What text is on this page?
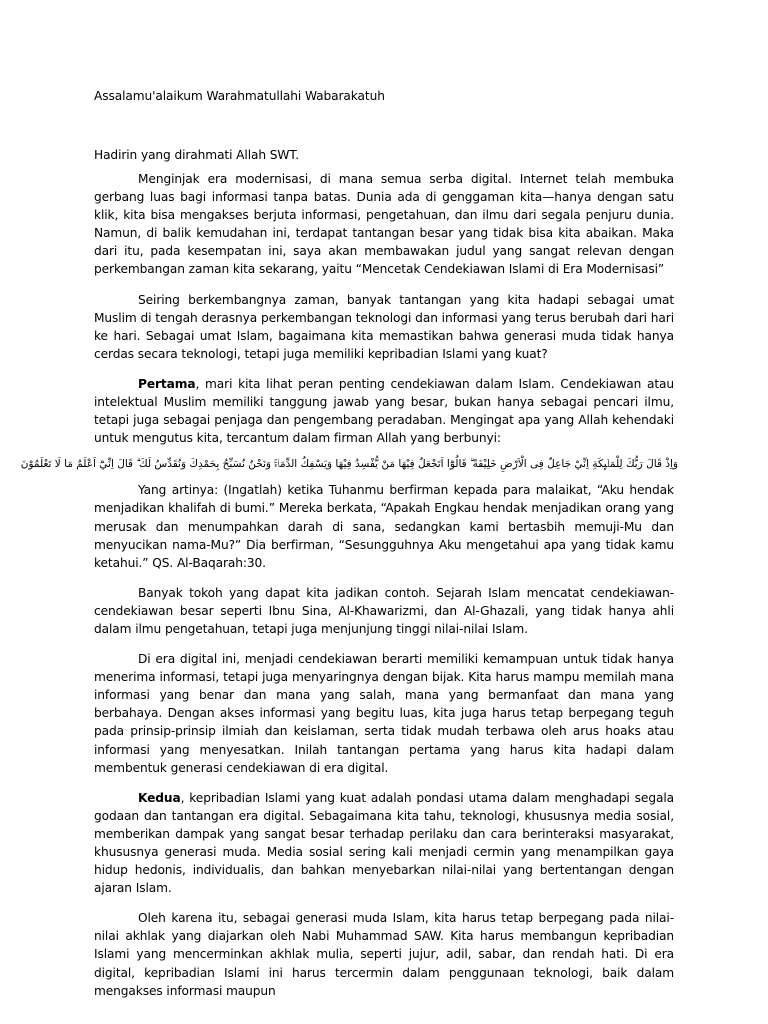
Assalamu'alaikum Warahmatullahi Wabarakatuh

Hadirin yang dirahmati Allah SWT.

Menginjak era modernisasi, di mana semua serba digital. Internet telah membuka gerbang luas bagi informasi tanpa batas. Dunia ada di genggaman kita—hanya dengan satu klik, kita bisa mengakses berjuta informasi, pengetahuan, dan ilmu dari segala penjuru dunia. Namun, di balik kemudahan ini, terdapat tantangan besar yang tidak bisa kita abaikan. Maka dari itu, pada kesempatan ini, saya akan membawakan judul yang sangat relevan dengan perkembangan zaman kita sekarang, yaitu “Mencetak Cendekiawan Islami di Era Modernisasi”

Seiring berkembangnya zaman, banyak tantangan yang kita hadapi sebagai umat Muslim di tengah derasnya perkembangan teknologi dan informasi yang terus berubah dari hari ke hari. Sebagai umat Islam, bagaimana kita memastikan bahwa generasi muda tidak hanya cerdas secara teknologi, tetapi juga memiliki kepribadian Islami yang kuat?

Pertama, mari kita lihat peran penting cendekiawan dalam Islam. Cendekiawan atau intelektual Muslim memiliki tanggung jawab yang besar, bukan hanya sebagai pencari ilmu, tetapi juga sebagai penjaga dan pengembang peradaban. Mengingat apa yang Allah kehendaki untuk mengutus kita, tercantum dalam firman Allah yang berbunyi:

وَاِذْ قَالَ رَبُّكَ لِلْمَلٰۤىِٕكَةِ اِنِّيْ جَاعِلٌ فِى الْاَرْضِ خَلِيْفَةً ۗ قَالُوْٓا اَتَجْعَلُ فِيْهَا مَنْ يُّفْسِدُ فِيْهَا وَيَسْفِكُ الدِّمَاۤءَۚ وَنَحْنُ نُسَبِّحُ بِحَمْدِكَ وَنُقَدِّسُ لَكَ ۗ قَالَ اِنِّيْٓ اَعْلَمُ مَا لَا تَعْلَمُوْنَ

Yang artinya: (Ingatlah) ketika Tuhanmu berfirman kepada para malaikat, “Aku hendak menjadikan khalifah di bumi.” Mereka berkata, “Apakah Engkau hendak menjadikan orang yang merusak dan menumpahkan darah di sana, sedangkan kami bertasbih memuji-Mu dan menyucikan nama-Mu?” Dia berfirman, “Sesungguhnya Aku mengetahui apa yang tidak kamu ketahui.” QS. Al-Baqarah:30.

Banyak tokoh yang dapat kita jadikan contoh. Sejarah Islam mencatat cendekiawan-cendekiawan besar seperti Ibnu Sina, Al-Khawarizmi, dan Al-Ghazali, yang tidak hanya ahli dalam ilmu pengetahuan, tetapi juga menjunjung tinggi nilai-nilai Islam.

Di era digital ini, menjadi cendekiawan berarti memiliki kemampuan untuk tidak hanya menerima informasi, tetapi juga menyaringnya dengan bijak. Kita harus mampu memilah mana informasi yang benar dan mana yang salah, mana yang bermanfaat dan mana yang berbahaya. Dengan akses informasi yang begitu luas, kita juga harus tetap berpegang teguh pada prinsip-prinsip ilmiah dan keislaman, serta tidak mudah terbawa oleh arus hoaks atau informasi yang menyesatkan. Inilah tantangan pertama yang harus kita hadapi dalam membentuk generasi cendekiawan di era digital.

Kedua, kepribadian Islami yang kuat adalah pondasi utama dalam menghadapi segala godaan dan tantangan era digital. Sebagaimana kita tahu, teknologi, khususnya media sosial, memberikan dampak yang sangat besar terhadap perilaku dan cara berinteraksi masyarakat, khususnya generasi muda. Media sosial sering kali menjadi cermin yang menampilkan gaya hidup hedonis, individualis, dan bahkan menyebarkan nilai-nilai yang bertentangan dengan ajaran Islam.

Oleh karena itu, sebagai generasi muda Islam, kita harus tetap berpegang pada nilai-nilai akhlak yang diajarkan oleh Nabi Muhammad SAW. Kita harus membangun kepribadian Islami yang mencerminkan akhlak mulia, seperti jujur, adil, sabar, dan rendah hati. Di era digital, kepribadian Islami ini harus tercermin dalam penggunaan teknologi, baik dalam mengakses informasi maupun
